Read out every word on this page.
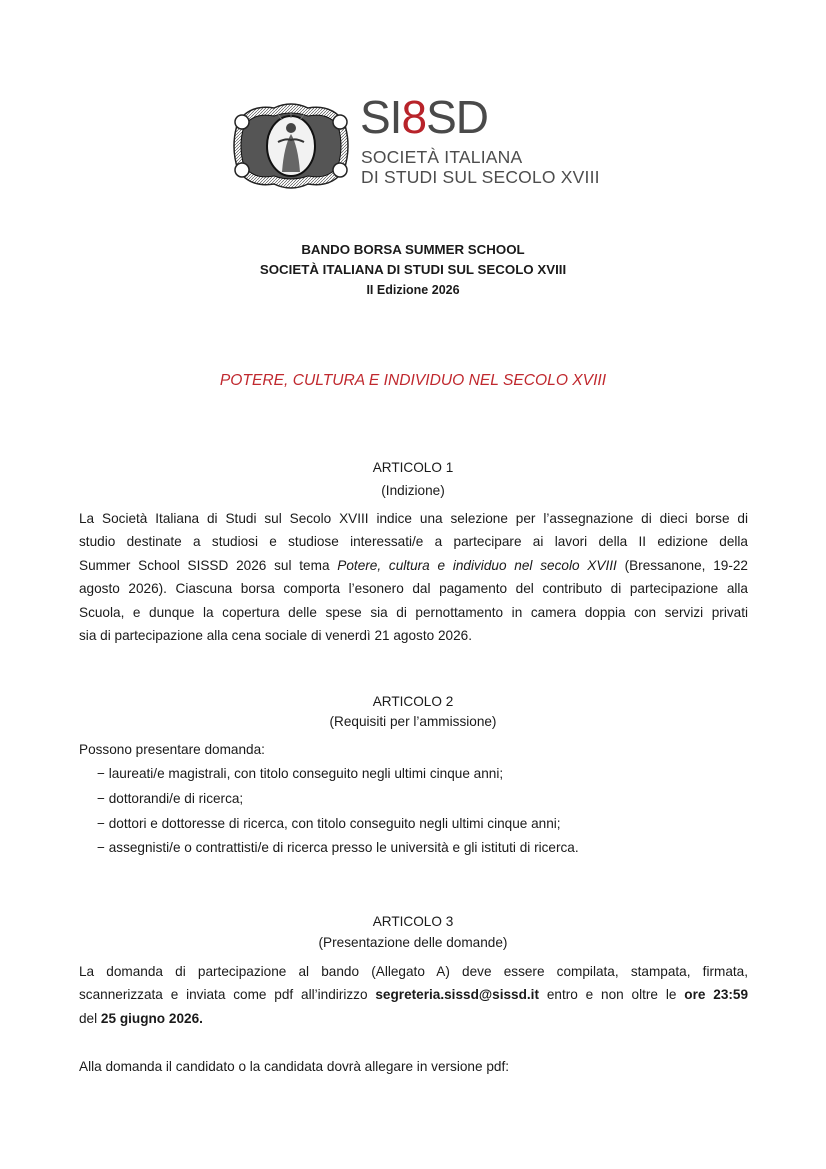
SI8SD
SOCIETÀ ITALIANA
DI STUDI SUL SECOLO XVIII
BANDO BORSA SUMMER SCHOOL
SOCIETÀ ITALIANA DI STUDI SUL SECOLO XVIII
II Edizione 2026
POTERE, CULTURA E INDIVIDUO NEL SECOLO XVIII
ARTICOLO 1
(Indizione)
La Società Italiana di Studi sul Secolo XVIII indice una selezione per l’assegnazione di dieci borse di
studio destinate a studiosi e studiose interessati/e a partecipare ai lavori della II edizione della
Summer School SISSD 2026 sul tema Potere, cultura e individuo nel secolo XVIII (Bressanone, 19-22
agosto 2026). Ciascuna borsa comporta l’esonero dal pagamento del contributo di partecipazione alla
Scuola, e dunque la copertura delle spese sia di pernottamento in camera doppia con servizi privati
sia di partecipazione alla cena sociale di venerdì 21 agosto 2026.
ARTICOLO 2
(Requisiti per l’ammissione)
Possono presentare domanda:
− laureati/e magistrali, con titolo conseguito negli ultimi cinque anni;
− dottorandi/e di ricerca;
− dottori e dottoresse di ricerca, con titolo conseguito negli ultimi cinque anni;
− assegnisti/e o contrattisti/e di ricerca presso le università e gli istituti di ricerca.
ARTICOLO 3
(Presentazione delle domande)
La domanda di partecipazione al bando (Allegato A) deve essere compilata, stampata, firmata,
scannerizzata e inviata come pdf all’indirizzo segreteria.sissd@sissd.it entro e non oltre le ore 23:59
del 25 giugno 2026.
Alla domanda il candidato o la candidata dovrà allegare in versione pdf:
